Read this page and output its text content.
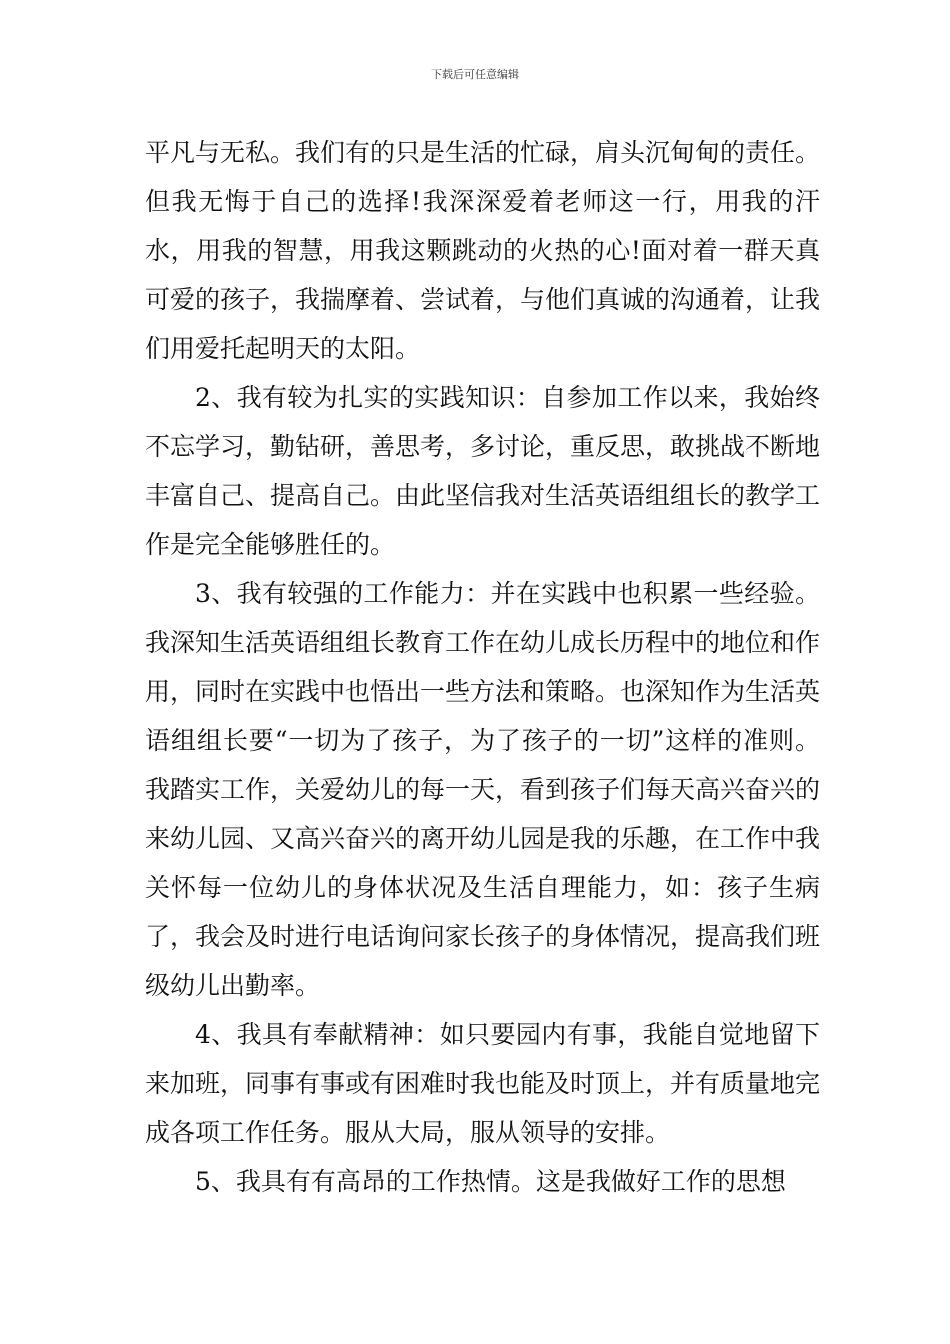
下载后可任意编辑

平凡与无私。我们有的只是生活的忙碌，肩头沉甸甸的责任。但我无悔于自己的选择!我深深爱着老师这一行，用我的汗水，用我的智慧，用我这颗跳动的火热的心!面对着一群天真可爱的孩子，我揣摩着、尝试着，与他们真诚的沟通着，让我们用爱托起明天的太阳。

2、我有较为扎实的实践知识：自参加工作以来，我始终不忘学习，勤钻研，善思考，多讨论，重反思，敢挑战不断地丰富自己、提高自己。由此坚信我对生活英语组组长的教学工作是完全能够胜任的。

3、我有较强的工作能力：并在实践中也积累一些经验。我深知生活英语组组长教育工作在幼儿成长历程中的地位和作用，同时在实践中也悟出一些方法和策略。也深知作为生活英语组组长要“一切为了孩子，为了孩子的一切”这样的准则。我踏实工作，关爱幼儿的每一天，看到孩子们每天高兴奋兴的来幼儿园、又高兴奋兴的离开幼儿园是我的乐趣，在工作中我关怀每一位幼儿的身体状况及生活自理能力，如：孩子生病了，我会及时进行电话询问家长孩子的身体情况，提高我们班级幼儿出勤率。

4、我具有奉献精神：如只要园内有事，我能自觉地留下来加班，同事有事或有困难时我也能及时顶上，并有质量地完成各项工作任务。服从大局，服从领导的安排。

5、我具有有高昂的工作热情。这是我做好工作的思想
